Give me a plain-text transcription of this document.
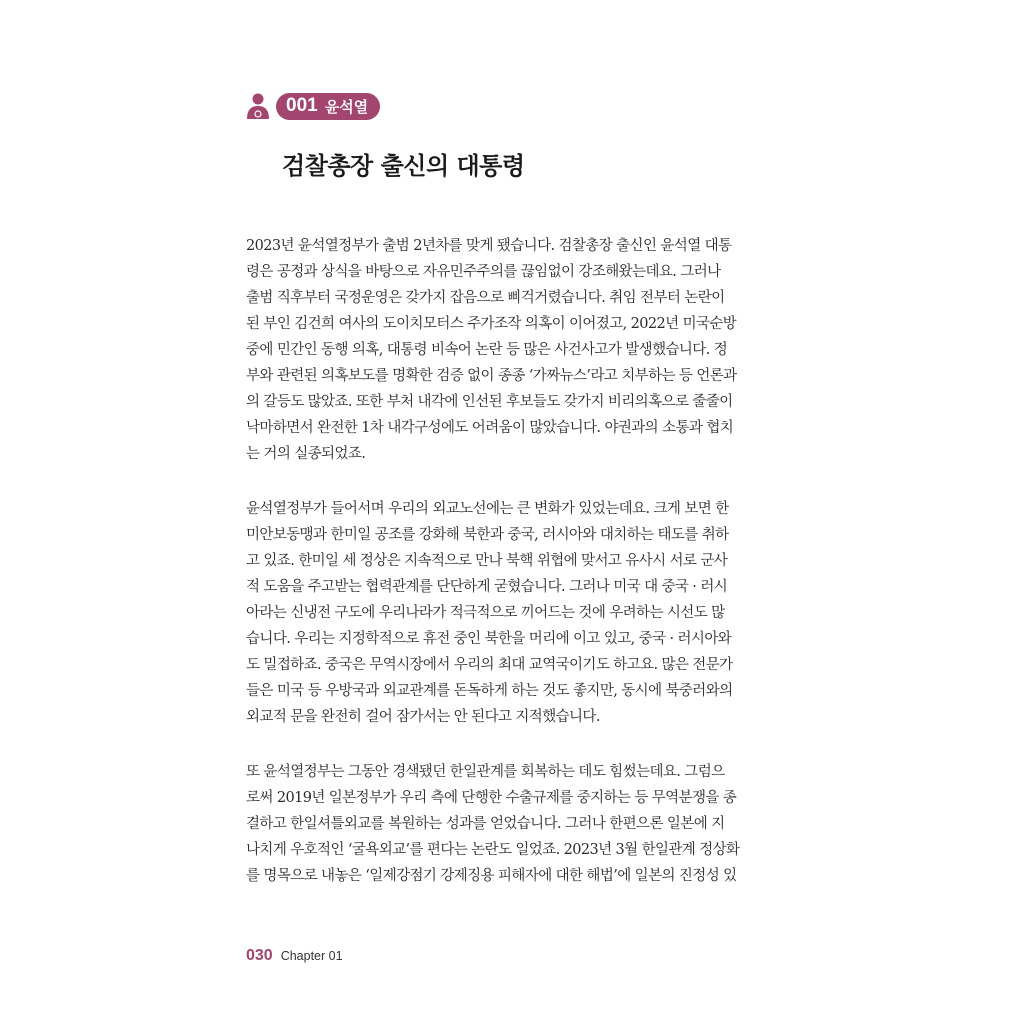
001 윤석열
검찰총장 출신의 대통령
2023년 윤석열정부가 출범 2년차를 맞게 됐습니다. 검찰총장 출신인 윤석열 대통
령은 공정과 상식을 바탕으로 자유민주주의를 끊임없이 강조해왔는데요. 그러나
출범 직후부터 국정운영은 갖가지 잡음으로 삐걱거렸습니다. 취임 전부터 논란이
된 부인 김건희 여사의 도이치모터스 주가조작 의혹이 이어졌고, 2022년 미국순방
중에 민간인 동행 의혹, 대통령 비속어 논란 등 많은 사건사고가 발생했습니다. 정
부와 관련된 의혹보도를 명확한 검증 없이 종종 ‘가짜뉴스’라고 치부하는 등 언론과
의 갈등도 많았죠. 또한 부처 내각에 인선된 후보들도 갖가지 비리의혹으로 줄줄이
낙마하면서 완전한 1차 내각구성에도 어려움이 많았습니다. 야권과의 소통과 협치
는 거의 실종되었죠.
윤석열정부가 들어서며 우리의 외교노선에는 큰 변화가 있었는데요. 크게 보면 한
미안보동맹과 한미일 공조를 강화해 북한과 중국, 러시아와 대치하는 태도를 취하
고 있죠. 한미일 세 정상은 지속적으로 만나 북핵 위협에 맞서고 유사시 서로 군사
적 도움을 주고받는 협력관계를 단단하게 굳혔습니다. 그러나 미국 대 중국 · 러시
아라는 신냉전 구도에 우리나라가 적극적으로 끼어드는 것에 우려하는 시선도 많
습니다. 우리는 지정학적으로 휴전 중인 북한을 머리에 이고 있고, 중국 · 러시아와
도 밀접하죠. 중국은 무역시장에서 우리의 최대 교역국이기도 하고요. 많은 전문가
들은 미국 등 우방국과 외교관계를 돈독하게 하는 것도 좋지만, 동시에 북중러와의
외교적 문을 완전히 걸어 잠가서는 안 된다고 지적했습니다.
또 윤석열정부는 그동안 경색됐던 한일관계를 회복하는 데도 힘썼는데요. 그럼으
로써 2019년 일본정부가 우리 측에 단행한 수출규제를 중지하는 등 무역분쟁을 종
결하고 한일셔틀외교를 복원하는 성과를 얻었습니다. 그러나 한편으론 일본에 지
나치게 우호적인 ‘굴욕외교’를 편다는 논란도 일었죠. 2023년 3월 한일관계 정상화
를 명목으로 내놓은 ‘일제강점기 강제징용 피해자에 대한 해법’에 일본의 진정성 있
030 Chapter 01
